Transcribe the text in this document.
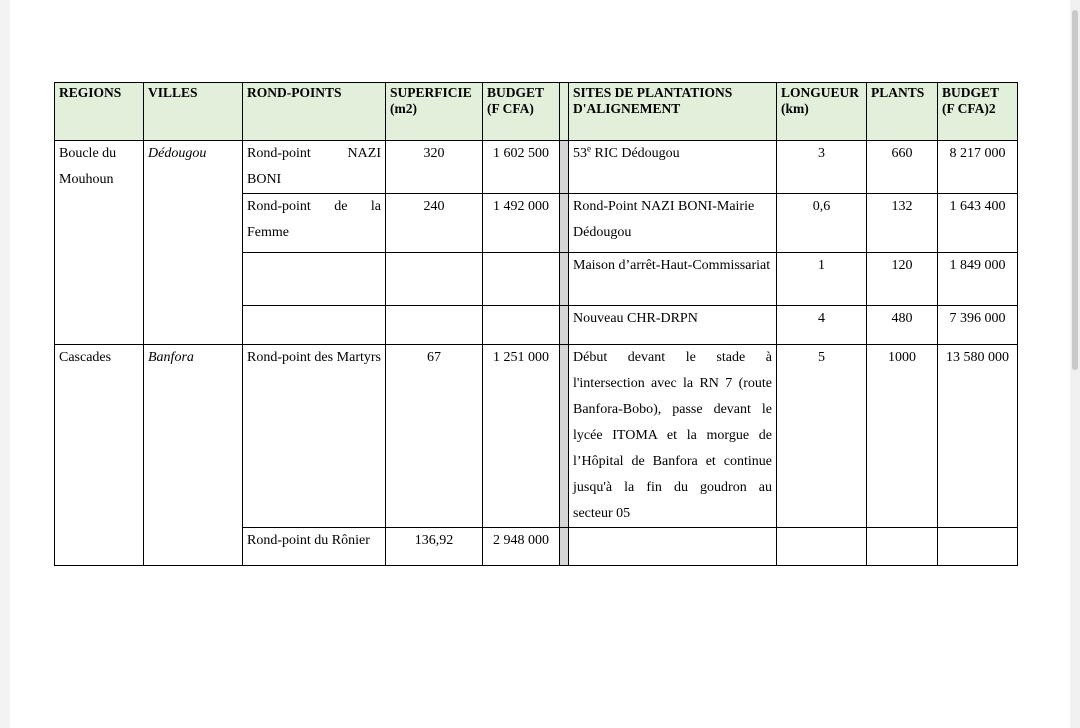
REGIONS	VILLES	ROND-POINTS	SUPERFICIE (m2)	BUDGET (F CFA)		SITES DE PLANTATIONS D'ALIGNEMENT	LONGUEUR (km)	PLANTS	BUDGET (F CFA)2
Boucle du Mouhoun	Dédougou	Rond-point NAZI BONI	320	1 602 500		53e RIC Dédougou	3	660	8 217 000
		Rond-point de la Femme	240	1 492 000		Rond-Point NAZI BONI-Mairie Dédougou	0,6	132	1 643 400
						Maison d’arrêt-Haut-Commissariat	1	120	1 849 000
						Nouveau CHR-DRPN	4	480	7 396 000
Cascades	Banfora	Rond-point des Martyrs	67	1 251 000		Début devant le stade à l'intersection avec la RN 7 (route Banfora-Bobo), passe devant le lycée ITOMA et la morgue de l’Hôpital de Banfora et continue jusqu'à la fin du goudron au secteur 05	5	1000	13 580 000
		Rond-point du Rônier	136,92	2 948 000					
